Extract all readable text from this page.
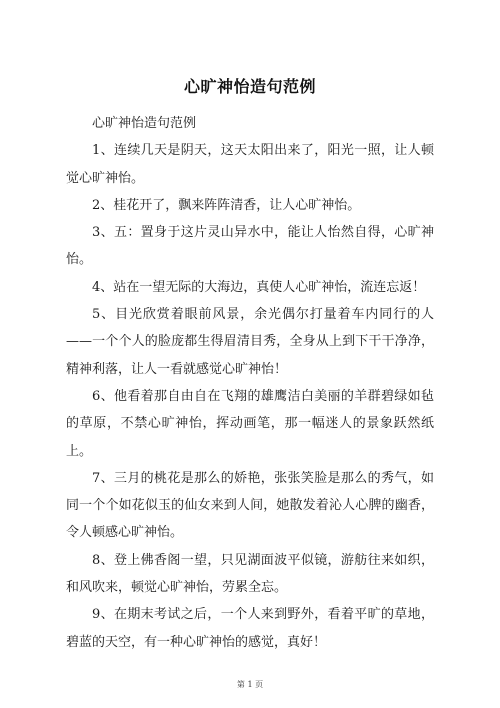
心旷神怡造句范例

心旷神怡造句范例

1、连续几天是阴天，这天太阳出来了，阳光一照，让人顿觉心旷神怡。

2、桂花开了，飘来阵阵清香，让人心旷神怡。

3、五：置身于这片灵山异水中，能让人怡然自得，心旷神怡。

4、站在一望无际的大海边，真使人心旷神怡，流连忘返！

5、目光欣赏着眼前风景，余光偶尔打量着车内同行的人——一个个人的脸庞都生得眉清目秀，全身从上到下干干净净，精神利落，让人一看就感觉心旷神怡！

6、他看着那自由自在飞翔的雄鹰洁白美丽的羊群碧绿如毡的草原，不禁心旷神怡，挥动画笔，那一幅迷人的景象跃然纸上。

7、三月的桃花是那么的娇艳，张张笑脸是那么的秀气，如同一个个如花似玉的仙女来到人间，她散发着沁人心脾的幽香，令人顿感心旷神怡。

8、登上佛香阁一望，只见湖面波平似镜，游舫往来如织，和风吹来，顿觉心旷神怡，劳累全忘。

9、在期末考试之后，一个人来到野外，看着平旷的草地，碧蓝的天空，有一种心旷神怡的感觉，真好！

第 1 页
